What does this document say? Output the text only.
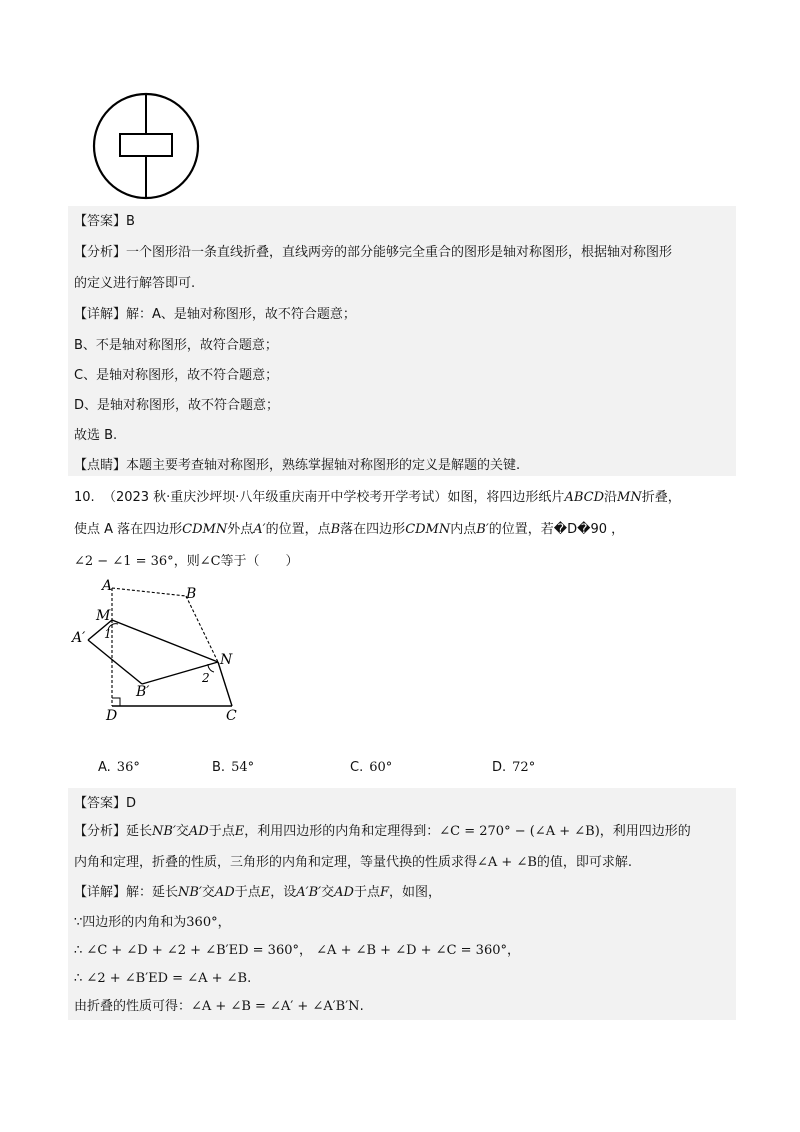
【答案】B
【分析】一个图形沿一条直线折叠，直线两旁的部分能够完全重合的图形是轴对称图形，根据轴对称图形
的定义进行解答即可.
【详解】解：A、是轴对称图形，故不符合题意；
B、不是轴对称图形，故符合题意；
C、是轴对称图形，故不符合题意；
D、是轴对称图形，故不符合题意；
故选 B.
【点睛】本题主要考查轴对称图形，熟练掌握轴对称图形的定义是解题的关键.
10. （2023 秋·重庆沙坪坝·八年级重庆南开中学校考开学考试）如图，将四边形纸片ABCD沿MN折叠，
使点 A 落在四边形CDMN外点A′的位置，点B落在四边形CDMN内点B′的位置，若�D�90 ，
∠2 − ∠1 = 36°，则∠C等于（　　）
A	B
M
A′ 1
N
2
B′
D	C
A. 36°	B. 54°	C. 60°	D. 72°
【答案】D
【分析】延长NB′交AD于点E，利用四边形的内角和定理得到：∠C = 270° − (∠A + ∠B)，利用四边形的
内角和定理，折叠的性质，三角形的内角和定理，等量代换的性质求得∠A + ∠B的值，即可求解.
【详解】解：延长NB′交AD于点E，设A′B′交AD于点F，如图，
∵四边形的内角和为360°，
∴ ∠C + ∠D + ∠2 + ∠B′ED = 360°， ∠A + ∠B + ∠D + ∠C = 360°，
∴ ∠2 + ∠B′ED = ∠A + ∠B.
由折叠的性质可得：∠A + ∠B = ∠A′ + ∠A′B′N.
